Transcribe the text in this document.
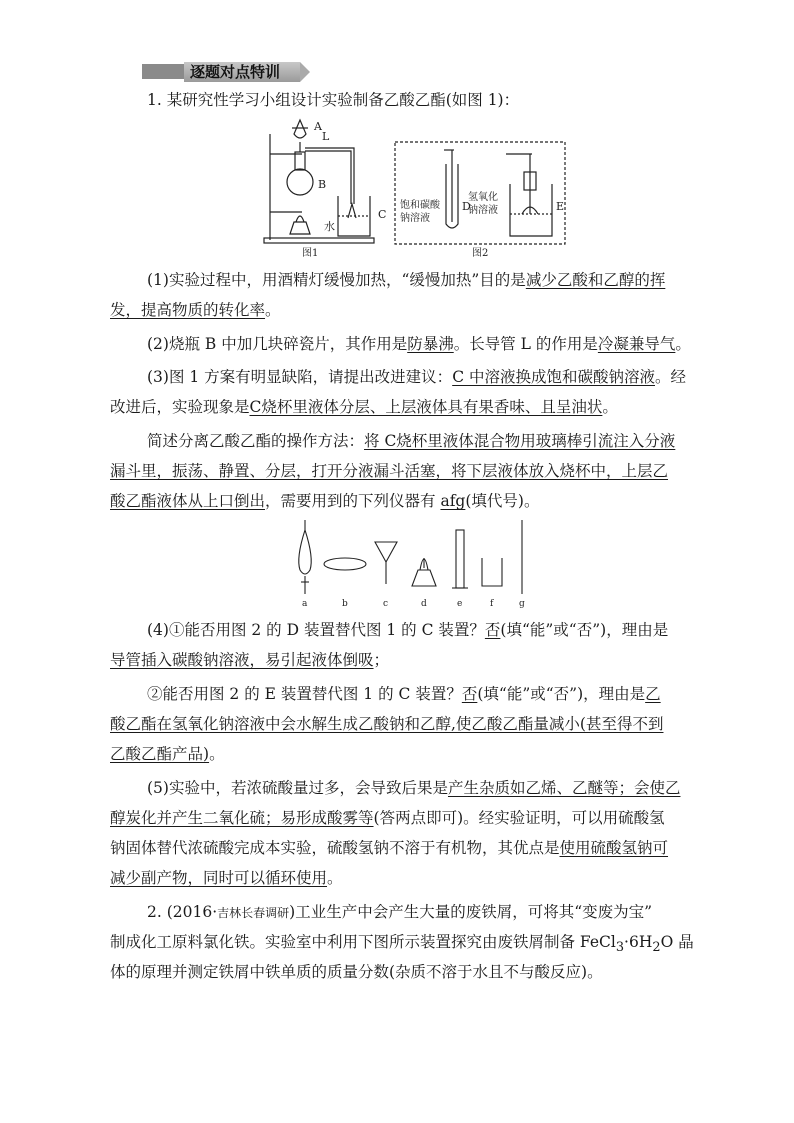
逐题对点特训
1. 某研究性学习小组设计实验制备乙酸乙酯(如图 1)：
A
L
B
C
水
D	E
饱和碳酸
钠溶液
氢氧化
钠溶液
图1	图2
(1)实验过程中，用酒精灯缓慢加热，“缓慢加热”目的是减少乙酸和乙醇的挥
发，提高物质的转化率。
(2)烧瓶 B 中加几块碎瓷片，其作用是防暴沸。长导管 L 的作用是冷凝兼导气。
(3)图 1 方案有明显缺陷，请提出改进建议：C 中溶液换成饱和碳酸钠溶液。经
改进后，实验现象是C烧杯里液体分层、上层液体具有果香味、且呈油状。
简述分离乙酸乙酯的操作方法：将 C烧杯里液体混合物用玻璃棒引流注入分液
漏斗里，振荡、静置、分层，打开分液漏斗活塞，将下层液体放入烧杯中，上层乙
酸乙酯液体从上口倒出，需要用到的下列仪器有 afg(填代号)。
a	b	c	d	e	f	g
(4)①能否用图 2 的 D 装置替代图 1 的 C 装置？否(填“能”或“否”)，理由是
导管插入碳酸钠溶液，易引起液体倒吸；
②能否用图 2 的 E 装置替代图 1 的 C 装置？否(填“能”或“否”)，理由是乙
酸乙酯在氢氧化钠溶液中会水解生成乙酸钠和乙醇,使乙酸乙酯量减小(甚至得不到
乙酸乙酯产品)。
(5)实验中，若浓硫酸量过多，会导致后果是产生杂质如乙烯、乙醚等；会使乙
醇炭化并产生二氧化硫；易形成酸雾等(答两点即可)。经实验证明，可以用硫酸氢
钠固体替代浓硫酸完成本实验，硫酸氢钠不溶于有机物，其优点是使用硫酸氢钠可
减少副产物，同时可以循环使用。
2. (2016·吉林长春调研)工业生产中会产生大量的废铁屑，可将其“变废为宝”
制成化工原料氯化铁。实验室中利用下图所示装置探究由废铁屑制备 $FeCl_3\cdot 6H_2O$ 晶
体的原理并测定铁屑中铁单质的质量分数(杂质不溶于水且不与酸反应)。
